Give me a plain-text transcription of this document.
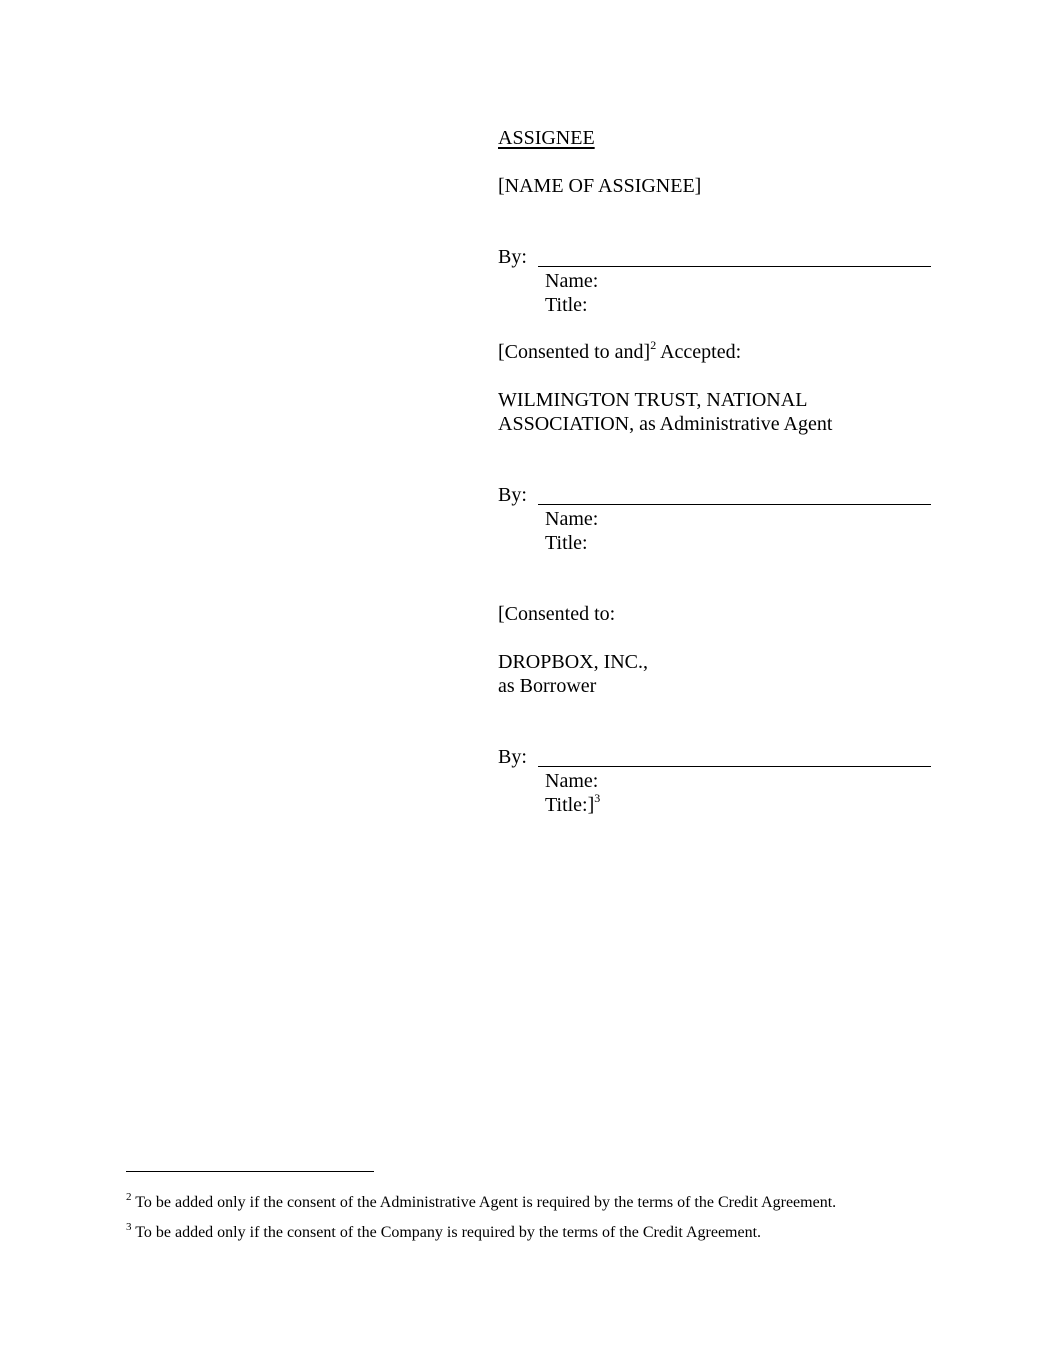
ASSIGNEE
[NAME OF ASSIGNEE]
By:
Name:
Title:
[Consented to and]$^2$ Accepted:
WILMINGTON TRUST, NATIONAL
ASSOCIATION, as Administrative Agent
By:
Name:
Title:
[Consented to:
DROPBOX, INC.,
as Borrower
By:
Name:
Title:]$^3$
$^2$ To be added only if the consent of the Administrative Agent is required by the terms of the Credit Agreement.
$^3$ To be added only if the consent of the Company is required by the terms of the Credit Agreement.
